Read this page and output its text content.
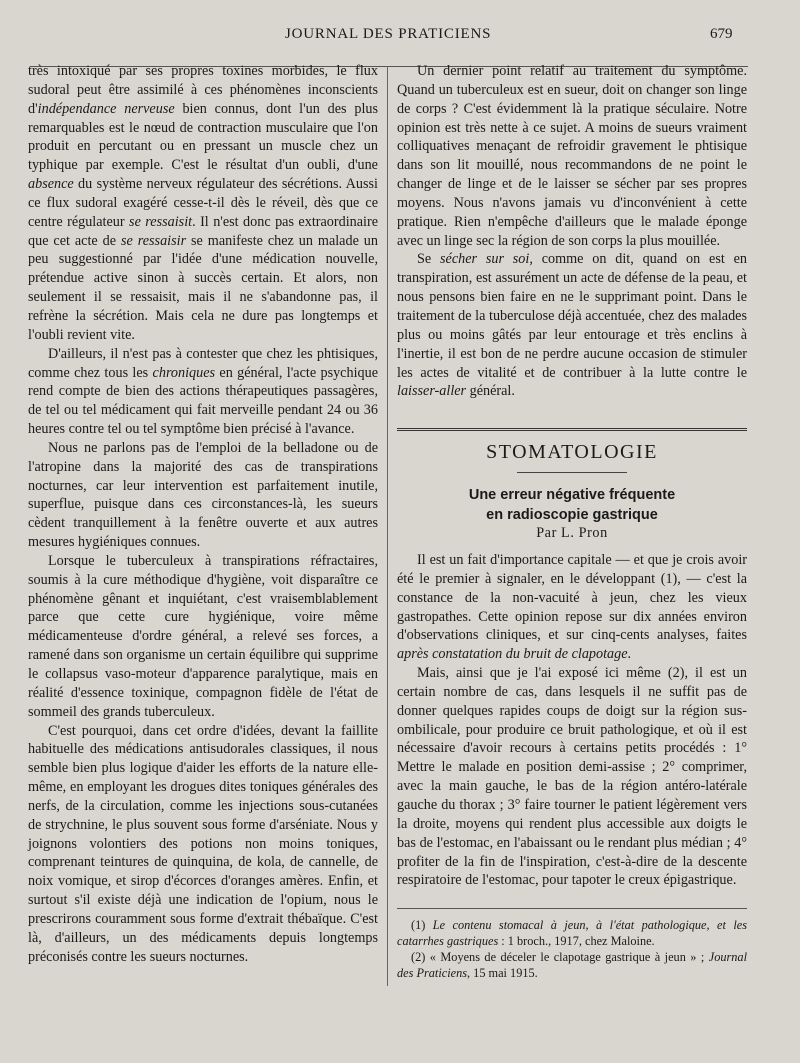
JOURNAL DES PRATICIENS	679

très intoxiqué par ses propres toxines morbides, le flux sudoral peut être assimilé à ces phénomènes inconscients d'indépendance nerveuse bien connus, dont l'un des plus remarquables est le nœud de contraction musculaire que l'on produit en percutant ou en pressant un muscle chez un typhique par exemple. C'est le résultat d'un oubli, d'une absence du système nerveux régulateur des sécrétions. Aussi ce flux sudoral exagéré cesse-t-il dès le réveil, dès que ce centre régulateur se ressaisit. Il n'est donc pas extraordinaire que cet acte de se ressaisir se manifeste chez un malade un peu suggestionné par l'idée d'une médication nouvelle, prétendue active sinon à succès certain. Et alors, non seulement il se ressaisit, mais il ne s'abandonne pas, il refrène la sécrétion. Mais cela ne dure pas longtemps et l'oubli revient vite.

D'ailleurs, il n'est pas à contester que chez les phtisiques, comme chez tous les chroniques en général, l'acte psychique rend compte de bien des actions thérapeutiques passagères, de tel ou tel médicament qui fait merveille pendant 24 ou 36 heures contre tel ou tel symptôme bien précisé à l'avance.

Nous ne parlons pas de l'emploi de la belladone ou de l'atropine dans la majorité des cas de transpirations nocturnes, car leur intervention est parfaitement inutile, superflue, puisque dans ces circonstances-là, les sueurs cèdent tranquillement à la fenêtre ouverte et aux autres mesures hygiéniques connues.

Lorsque le tuberculeux à transpirations réfractaires, soumis à la cure méthodique d'hygiène, voit disparaître ce phénomène gênant et inquiétant, c'est vraisemblablement parce que cette cure hygiénique, voire même médicamenteuse d'ordre général, a relevé ses forces, a ramené dans son organisme un certain équilibre qui supprime le collapsus vaso-moteur d'apparence paralytique, mais en réalité d'essence toxinique, compagnon fidèle de l'état de sommeil des grands tuberculeux.

C'est pourquoi, dans cet ordre d'idées, devant la faillite habituelle des médications antisudorales classiques, il nous semble bien plus logique d'aider les efforts de la nature elle-même, en employant les drogues dites toniques générales des nerfs, de la circulation, comme les injections sous-cutanées de strychnine, le plus souvent sous forme d'arséniate. Nous y joignons volontiers des potions non moins toniques, comprenant teintures de quinquina, de kola, de cannelle, de noix vomique, et sirop d'écorces d'oranges amères. Enfin, et surtout s'il existe déjà une indication de l'opium, nous le prescrirons couramment sous forme d'extrait thébaïque. C'est là, d'ailleurs, un des médicaments depuis longtemps préconisés contre les sueurs nocturnes.

Un dernier point relatif au traitement du symptôme. Quand un tuberculeux est en sueur, doit on changer son linge de corps ? C'est évidemment là la pratique séculaire. Notre opinion est très nette à ce sujet. A moins de sueurs vraiment colliquatives menaçant de refroidir gravement le phtisique dans son lit mouillé, nous recommandons de ne point le changer de linge et de le laisser se sécher par ses propres moyens. Nous n'avons jamais vu d'inconvénient à cette pratique. Rien n'empêche d'ailleurs que le malade éponge avec un linge sec la région de son corps la plus mouillée.

Se sécher sur soi, comme on dit, quand on est en transpiration, est assurément un acte de défense de la peau, et nous pensons bien faire en ne le supprimant point. Dans le traitement de la tuberculose déjà accentuée, chez des malades plus ou moins gâtés par leur entourage et très enclins à l'inertie, il est bon de ne perdre aucune occasion de stimuler les actes de vitalité et de contribuer à la lutte contre le laisser-aller général.

STOMATOLOGIE
Une erreur négative fréquente
en radioscopie gastrique
Par L. Pron

Il est un fait d'importance capitale — et que je crois avoir été le premier à signaler, en le développant (1), — c'est la constance de la non-vacuité à jeun, chez les vieux gastropathes. Cette opinion repose sur dix années environ d'observations cliniques, et sur cinq-cents analyses, faites après constatation du bruit de clapotage.

Mais, ainsi que je l'ai exposé ici même (2), il est un certain nombre de cas, dans lesquels il ne suffit pas de donner quelques rapides coups de doigt sur la région sus-ombilicale, pour produire ce bruit pathologique, et où il est nécessaire d'avoir recours à certains petits procédés : 1° Mettre le malade en position demi-assise ; 2° comprimer, avec la main gauche, le bas de la région antéro-latérale gauche du thorax ; 3° faire tourner le patient légèrement vers la droite, moyens qui rendent plus accessible aux doigts le bas de l'estomac, en l'abaissant ou le rendant plus médian ; 4° profiter de la fin de l'inspiration, c'est-à-dire de la descente respiratoire de l'estomac, pour tapoter le creux épigastrique.

(1) Le contenu stomacal à jeun, à l'état pathologique, et les catarrhes gastriques : 1 broch., 1917, chez Maloine.

(2) « Moyens de déceler le clapotage gastrique à jeun » ; Journal des Praticiens, 15 mai 1915.
